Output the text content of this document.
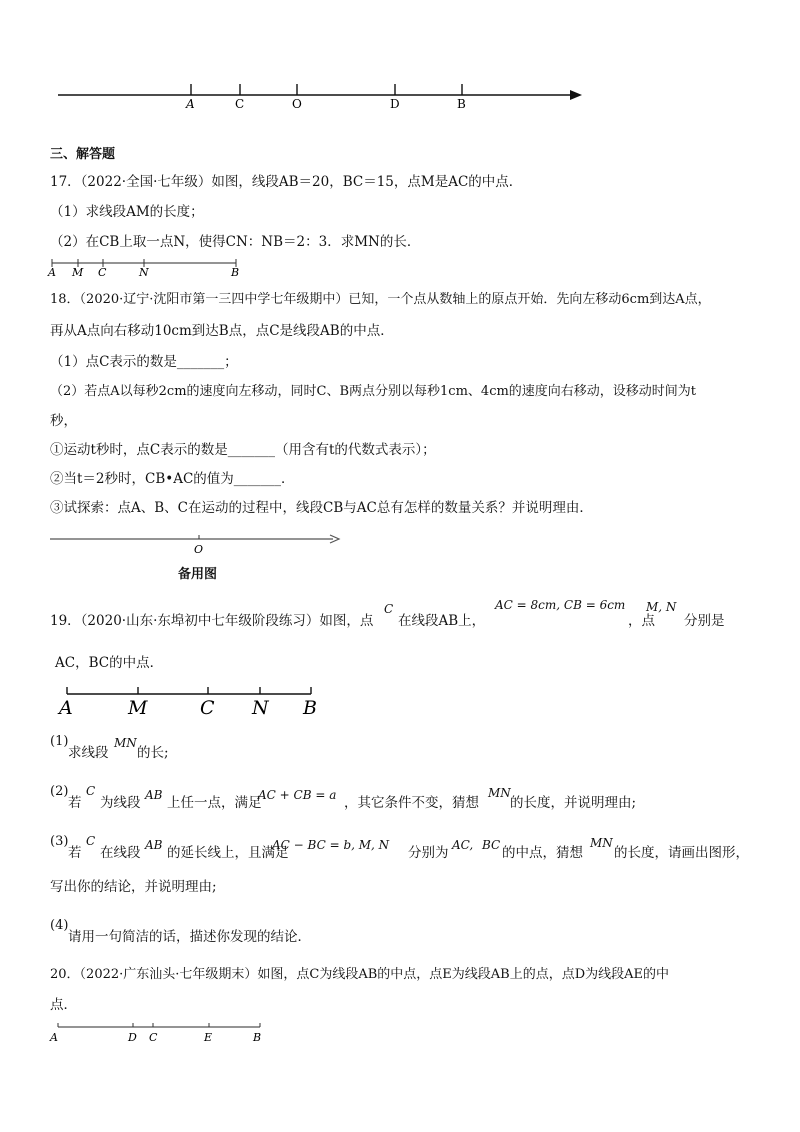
A	C	O	D	B
A M C	N	B
O
A	M	C N B
A	D C	E	B
三、解答题
17．（2022·全国·七年级）如图，线段AB＝20，BC＝15，点M是AC的中点．
（1）求线段AM的长度；
（2）在CB上取一点N，使得CN：NB＝2：3．求MN的长．
18．（2020·辽宁·沈阳市第一三四中学七年级期中）已知，一个点从数轴上的原点开始．先向左移动6cm到达A点，
再从A点向右移动10cm到达B点，点C是线段AB的中点．
（1）点C表示的数是_______；
（2）若点A以每秒2cm的速度向左移动，同时C、B两点分别以每秒1cm、4cm的速度向右移动，设移动时间为t
秒，
①运动t秒时，点C表示的数是_______（用含有t的代数式表示）；
②当t＝2秒时，CB•AC的值为_______．
③试探索：点A、B、C在运动的过程中，线段CB与AC总有怎样的数量关系？并说明理由．
备用图
19．（2020·山东·东埠初中七年级阶段练习）如图，点
C
在线段AB上，
AC = 8cm, CB = 6cm
，点
M, N
分别是
AC，BC的中点．
(1)
求线段
MN
的长;
(2)
若
C
为线段 AB 上任一点，满足
AC + CB = a ，其它条件不变，猜想
MN
的长度，并说明理由;
(3)
若
C
在线段 AB 的延长线上，且满足
AC − BC = b, M, N 分别为 AC, BC 的中点，猜想
MN
的长度，请画出图形，
写出你的结论，并说明理由;
(4)
请用一句简洁的话，描述你发现的结论．
20．（2022·广东汕头·七年级期末）如图，点C为线段AB的中点，点E为线段AB上的点，点D为线段AE的中
点．
